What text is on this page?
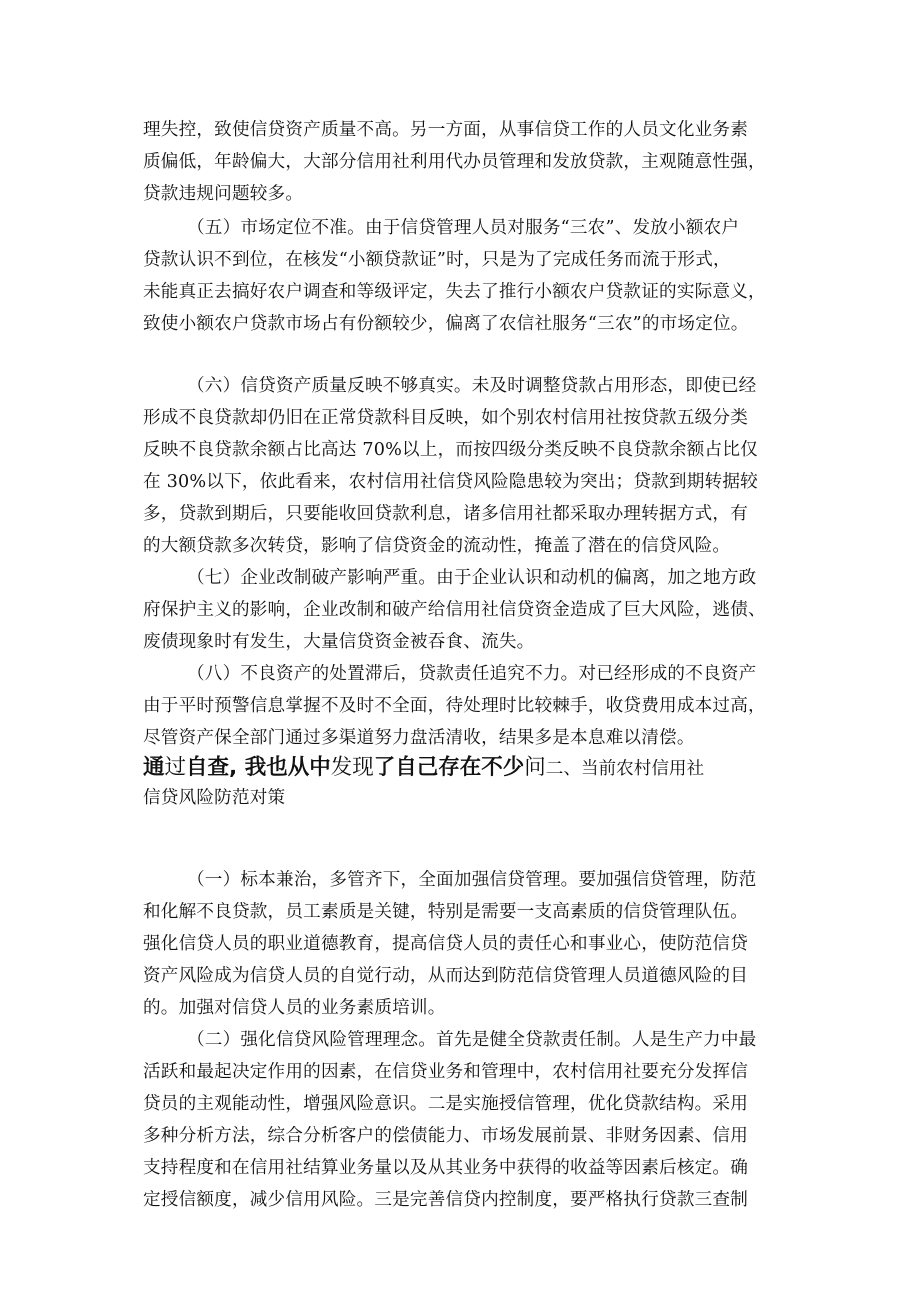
理失控，致使信贷资产质量不高。另一方面，从事信贷工作的人员文化业务素
质偏低，年龄偏大，大部分信用社利用代办员管理和发放贷款，主观随意性强，
贷款违规问题较多。
（五）市场定位不准。由于信贷管理人员对服务“三农”、发放小额农户
贷款认识不到位，在核发“小额贷款证”时，只是为了完成任务而流于形式，
未能真正去搞好农户调查和等级评定，失去了推行小额农户贷款证的实际意义，
致使小额农户贷款市场占有份额较少，偏离了农信社服务“三农”的市场定位。
（六）信贷资产质量反映不够真实。未及时调整贷款占用形态，即使已经
形成不良贷款却仍旧在正常贷款科目反映，如个别农村信用社按贷款五级分类
反映不良贷款余额占比高达 70%以上，而按四级分类反映不良贷款余额占比仅
在 30%以下，依此看来，农村信用社信贷风险隐患较为突出；贷款到期转据较
多，贷款到期后，只要能收回贷款利息，诸多信用社都采取办理转据方式，有
的大额贷款多次转贷，影响了信贷资金的流动性，掩盖了潜在的信贷风险。
（七）企业改制破产影响严重。由于企业认识和动机的偏离，加之地方政
府保护主义的影响，企业改制和破产给信用社信贷资金造成了巨大风险，逃债、
废债现象时有发生，大量信贷资金被吞食、流失。
（八）不良资产的处置滞后，贷款责任追究不力。对已经形成的不良资产
由于平时预警信息掌握不及时不全面，待处理时比较棘手，收贷费用成本过高，
尽管资产保全部门通过多渠道努力盘活清收，结果多是本息难以清偿。
通过自查, 我也从中发现了自己存在不少问二、当前农村信用社
信贷风险防范对策
（一）标本兼治，多管齐下，全面加强信贷管理。要加强信贷管理，防范
和化解不良贷款，员工素质是关键，特别是需要一支高素质的信贷管理队伍。
强化信贷人员的职业道德教育，提高信贷人员的责任心和事业心，使防范信贷
资产风险成为信贷人员的自觉行动，从而达到防范信贷管理人员道德风险的目
的。加强对信贷人员的业务素质培训。
（二）强化信贷风险管理理念。首先是健全贷款责任制。人是生产力中最
活跃和最起决定作用的因素，在信贷业务和管理中，农村信用社要充分发挥信
贷员的主观能动性，增强风险意识。二是实施授信管理，优化贷款结构。采用
多种分析方法，综合分析客户的偿债能力、市场发展前景、非财务因素、信用
支持程度和在信用社结算业务量以及从其业务中获得的收益等因素后核定。确
定授信额度，减少信用风险。三是完善信贷内控制度，要严格执行贷款三查制
